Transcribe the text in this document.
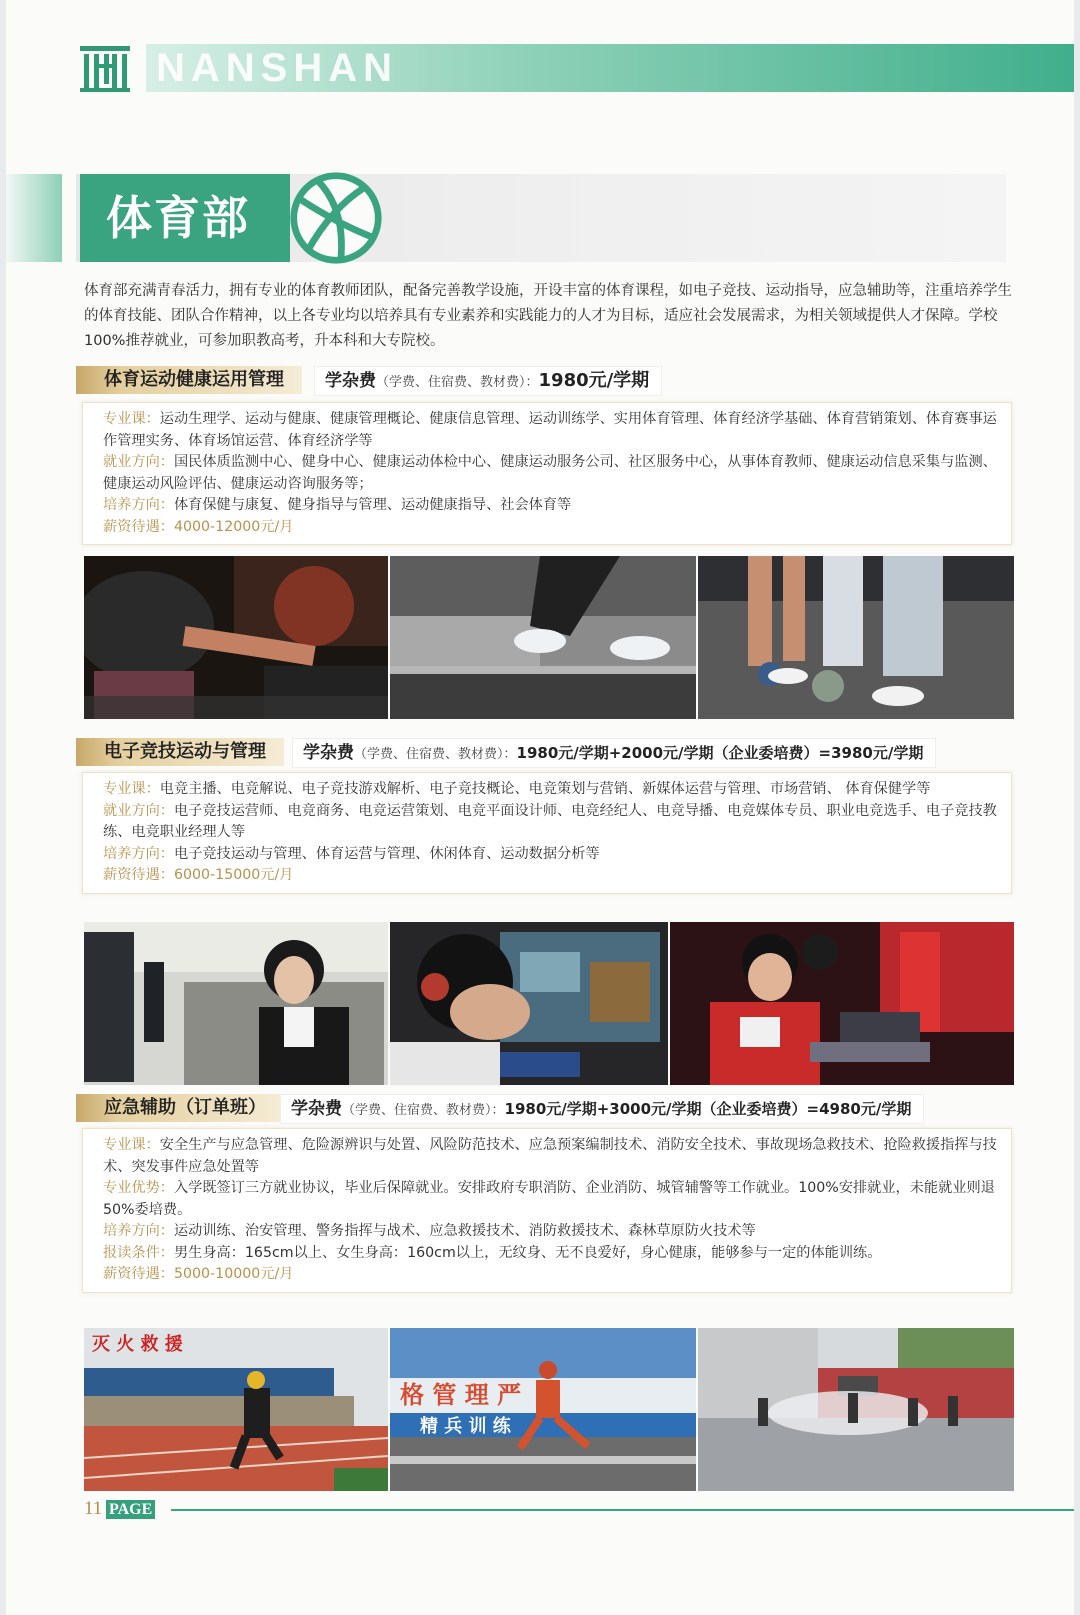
NANSHAN
体育部

体育部充满青春活力，拥有专业的体育教师团队，配备完善教学设施，开设丰富的体育课程，如电子竞技、运动指导，应急辅助等，注重培养学生的体育技能、团队合作精神，以上各专业均以培养具有专业素养和实践能力的人才为目标，适应社会发展需求，为相关领域提供人才保障。学校100%推荐就业，可参加职教高考，升本科和大专院校。

体育运动健康运用管理	学杂费（学费、住宿费、教材费）：1980元/学期

专业课：运动生理学、运动与健康、健康管理概论、健康信息管理、运动训练学、实用体育管理、体育经济学基础、体育营销策划、体育赛事运作管理实务、体育场馆运营、体育经济学等

就业方向：国民体质监测中心、健身中心、健康运动体检中心、健康运动服务公司、社区服务中心，从事体育教师、健康运动信息采集与监测、健康运动风险评估、健康运动咨询服务等；

培养方向：体育保健与康复、健身指导与管理、运动健康指导、社会体育等

薪资待遇：4000-12000元/月

电子竞技运动与管理	学杂费（学费、住宿费、教材费）：1980元/学期+2000元/学期（企业委培费）=3980元/学期

专业课：电竞主播、电竞解说、电子竞技游戏解析、电子竞技概论、电竞策划与营销、新媒体运营与管理、市场营销、 体育保健学等

就业方向：电子竞技运营师、电竞商务、电竞运营策划、电竞平面设计师、电竞经纪人、电竞导播、电竞媒体专员、职业电竞选手、电子竞技教练、电竞职业经理人等

培养方向：电子竞技运动与管理、体育运营与管理、休闲体育、运动数据分析等

薪资待遇：6000-15000元/月

应急辅助（订单班）	学杂费（学费、住宿费、教材费）：1980元/学期+3000元/学期（企业委培费）=4980元/学期

专业课：安全生产与应急管理、危险源辨识与处置、风险防范技术、应急预案编制技术、消防安全技术、事故现场急救技术、抢险救援指挥与技术、突发事件应急处置等

专业优势：入学既签订三方就业协议，毕业后保障就业。安排政府专职消防、企业消防、城管辅警等工作就业。100%安排就业，未能就业则退50%委培费。

培养方向：运动训练、治安管理、警务指挥与战术、应急救援技术、消防救援技术、森林草原防火技术等

报读条件：男生身高：165cm以上、女生身高：160cm以上，无纹身、无不良爱好，身心健康，能够参与一定的体能训练。

薪资待遇：5000-10000元/月

灭 火 救 援
格 管 理 严
精 兵 训 练
11 PAGE
